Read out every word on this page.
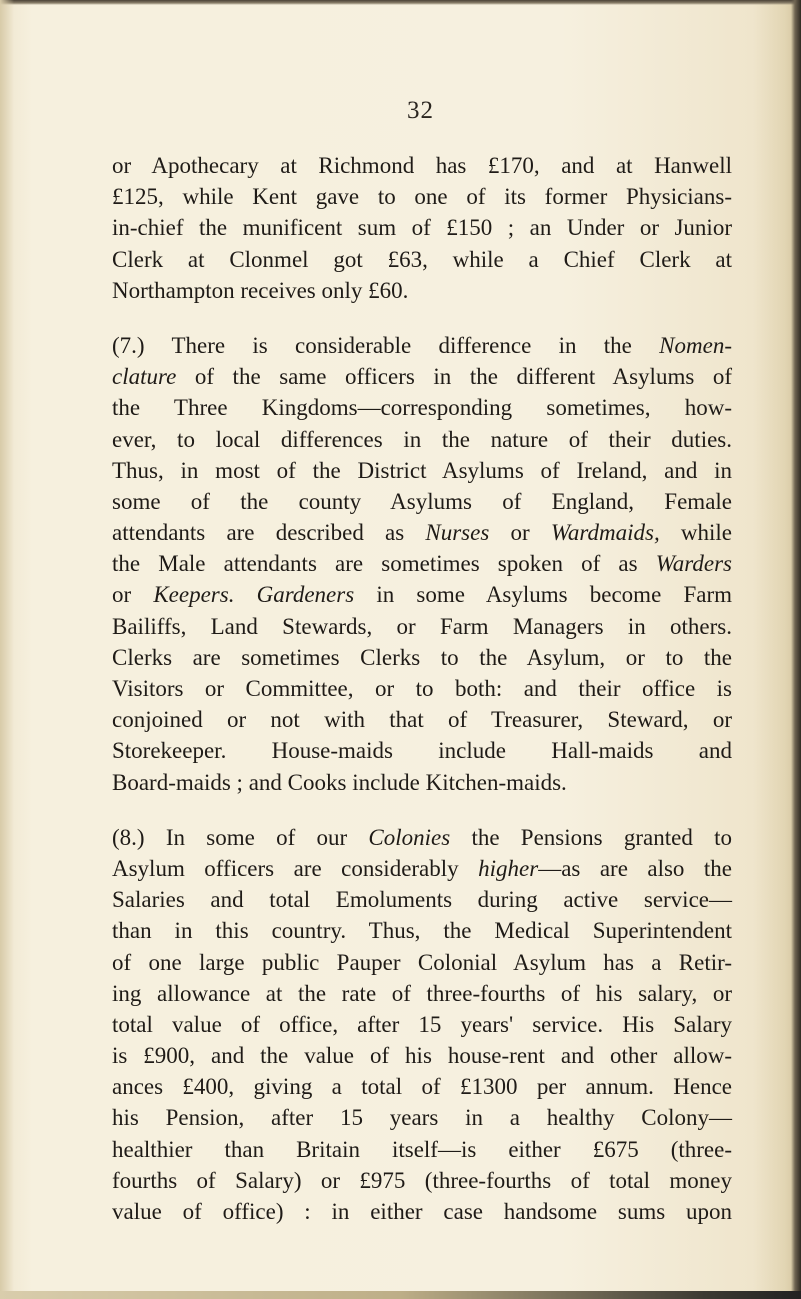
32
or Apothecary at Richmond has £170, and at Hanwell
£125, while Kent gave to one of its former Physicians-
in-chief the munificent sum of £150 ; an Under or Junior
Clerk at Clonmel got £63, while a Chief Clerk at
Northampton receives only £60.
(7.) There is considerable difference in the Nomen-
clature of the same officers in the different Asylums of
the Three Kingdoms—corresponding sometimes, how-
ever, to local differences in the nature of their duties.
Thus, in most of the District Asylums of Ireland, and in
some of the county Asylums of England, Female
attendants are described as Nurses or Wardmaids, while
the Male attendants are sometimes spoken of as Warders
or Keepers. Gardeners in some Asylums become Farm
Bailiffs, Land Stewards, or Farm Managers in others.
Clerks are sometimes Clerks to the Asylum, or to the
Visitors or Committee, or to both: and their office is
conjoined or not with that of Treasurer, Steward, or
Storekeeper. House-maids include Hall-maids and
Board-maids ; and Cooks include Kitchen-maids.
(8.) In some of our Colonies the Pensions granted to
Asylum officers are considerably higher—as are also the
Salaries and total Emoluments during active service—
than in this country. Thus, the Medical Superintendent
of one large public Pauper Colonial Asylum has a Retir-
ing allowance at the rate of three-fourths of his salary, or
total value of office, after 15 years' service. His Salary
is £900, and the value of his house-rent and other allow-
ances £400, giving a total of £1300 per annum. Hence
his Pension, after 15 years in a healthy Colony—
healthier than Britain itself—is either £675 (three-
fourths of Salary) or £975 (three-fourths of total money
value of office) : in either case handsome sums upon
